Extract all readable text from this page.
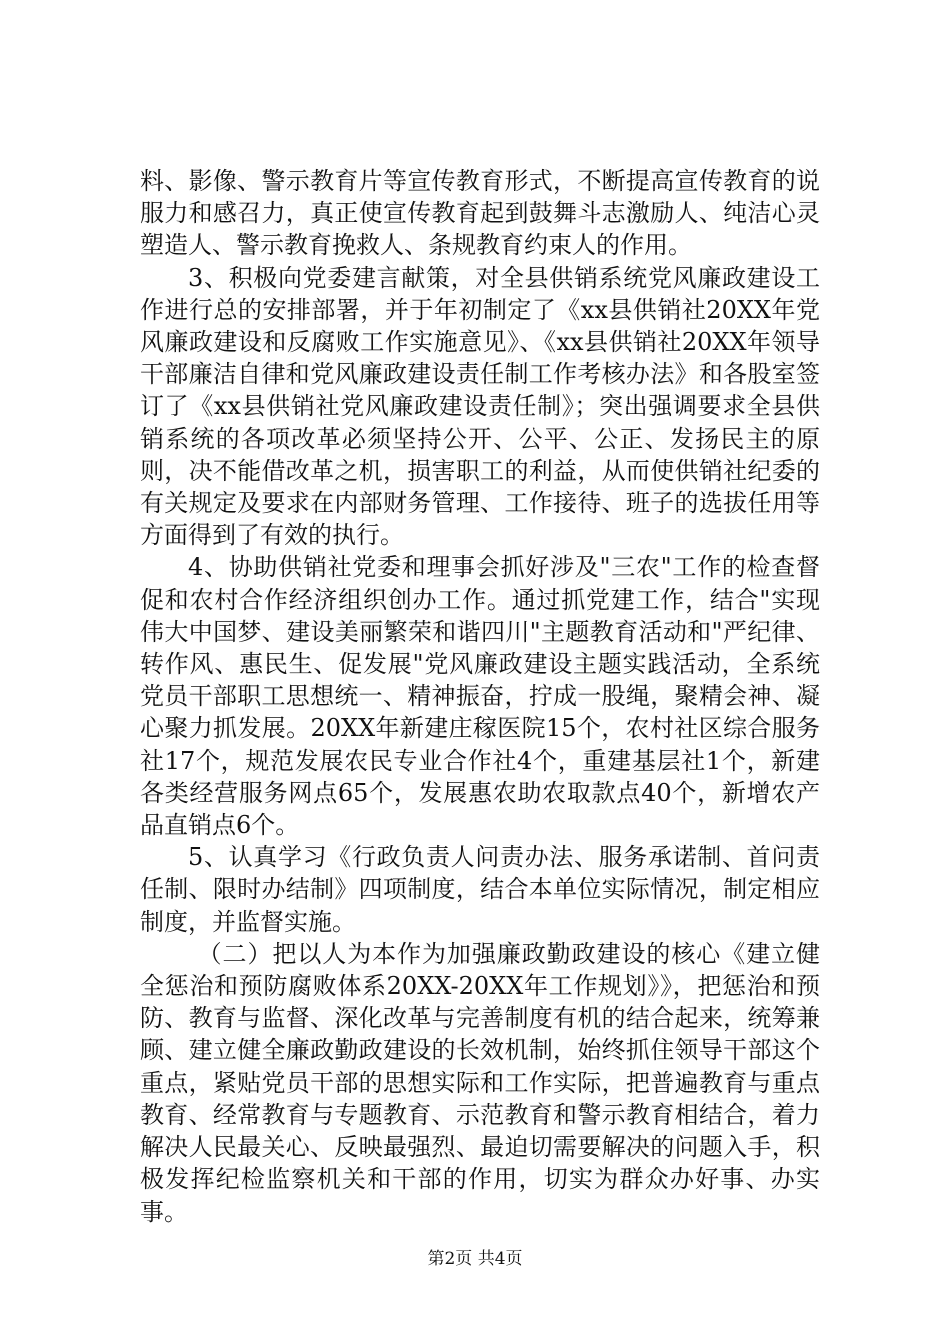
料、影像、警示教育片等宣传教育形式，不断提高宣传教育的说服力和感召力，真正使宣传教育起到鼓舞斗志激励人、纯洁心灵塑造人、警示教育挽救人、条规教育约束人的作用。

3、积极向党委建言献策，对全县供销系统党风廉政建设工作进行总的安排部署，并于年初制定了《xx县供销社20XX年党风廉政建设和反腐败工作实施意见》、《xx县供销社20XX年领导干部廉洁自律和党风廉政建设责任制工作考核办法》和各股室签订了《xx县供销社党风廉政建设责任制》；突出强调要求全县供销系统的各项改革必须坚持公开、公平、公正、发扬民主的原则，决不能借改革之机，损害职工的利益，从而使供销社纪委的有关规定及要求在内部财务管理、工作接待、班子的选拔任用等方面得到了有效的执行。

4、协助供销社党委和理事会抓好涉及"三农"工作的检查督促和农村合作经济组织创办工作。通过抓党建工作，结合"实现伟大中国梦、建设美丽繁荣和谐四川"主题教育活动和"严纪律、转作风、惠民生、促发展"党风廉政建设主题实践活动，全系统党员干部职工思想统一、精神振奋，拧成一股绳，聚精会神、凝心聚力抓发展。20XX年新建庄稼医院15个，农村社区综合服务社17个，规范发展农民专业合作社4个，重建基层社1个，新建各类经营服务网点65个，发展惠农助农取款点40个，新增农产品直销点6个。

5、认真学习《行政负责人问责办法、服务承诺制、首问责任制、限时办结制》四项制度，结合本单位实际情况，制定相应制度，并监督实施。

（二）把以人为本作为加强廉政勤政建设的核心《建立健全惩治和预防腐败体系20XX-20XX年工作规划》》，把惩治和预防、教育与监督、深化改革与完善制度有机的结合起来，统筹兼顾、建立健全廉政勤政建设的长效机制，始终抓住领导干部这个重点，紧贴党员干部的思想实际和工作实际，把普遍教育与重点教育、经常教育与专题教育、示范教育和警示教育相结合，着力解决人民最关心、反映最强烈、最迫切需要解决的问题入手，积极发挥纪检监察机关和干部的作用，切实为群众办好事、办实事。

第2页 共4页
